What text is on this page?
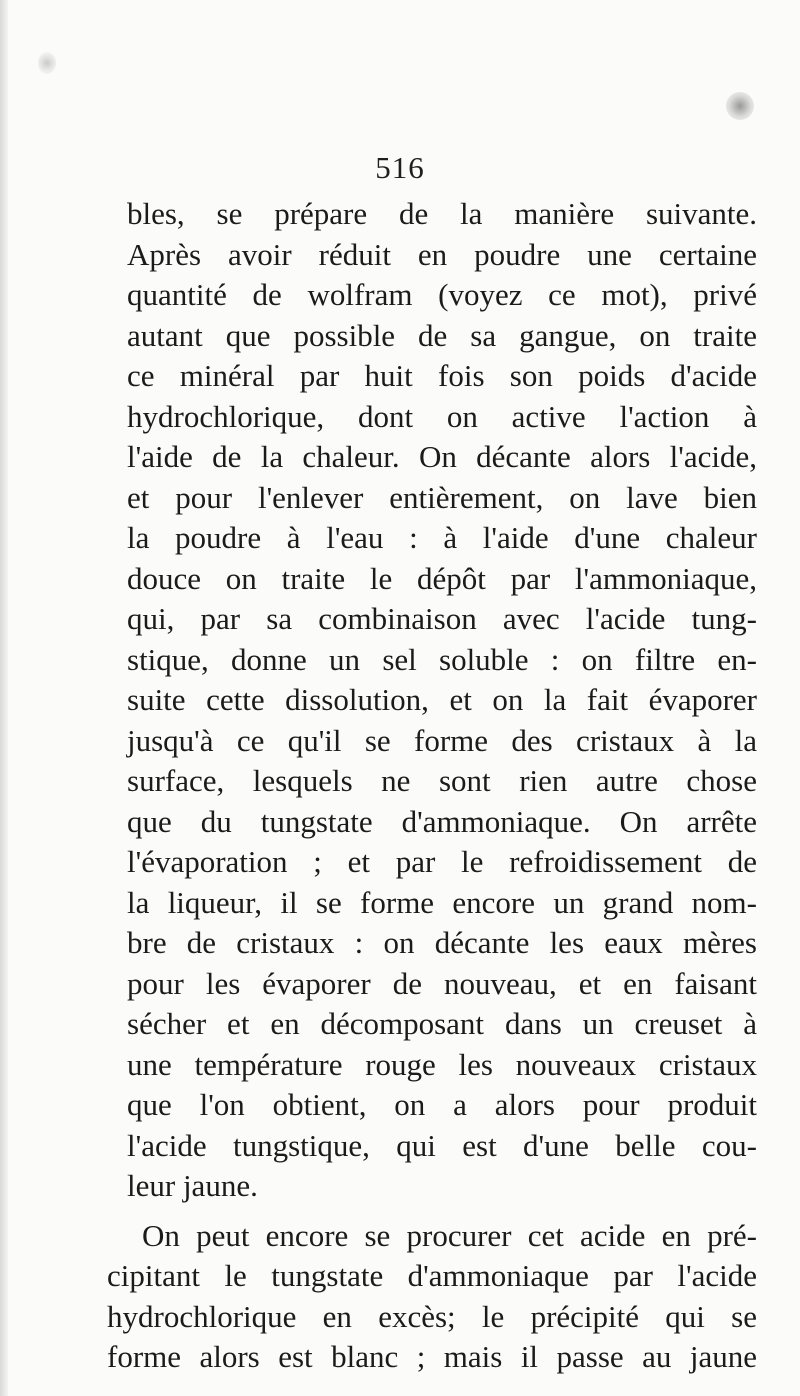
516
bles, se prépare de la manière suivante.
Après avoir réduit en poudre une certaine
quantité de wolfram (voyez ce mot), privé
autant que possible de sa gangue, on traite
ce minéral par huit fois son poids d'acide
hydrochlorique, dont on active l'action à
l'aide de la chaleur. On décante alors l'acide,
et pour l'enlever entièrement, on lave bien
la poudre à l'eau : à l'aide d'une chaleur
douce on traite le dépôt par l'ammoniaque,
qui, par sa combinaison avec l'acide tung-
stique, donne un sel soluble : on filtre en-
suite cette dissolution, et on la fait évaporer
jusqu'à ce qu'il se forme des cristaux à la
surface, lesquels ne sont rien autre chose
que du tungstate d'ammoniaque. On arrête
l'évaporation ; et par le refroidissement de
la liqueur, il se forme encore un grand nom-
bre de cristaux : on décante les eaux mères
pour les évaporer de nouveau, et en faisant
sécher et en décomposant dans un creuset à
une température rouge les nouveaux cristaux
que l'on obtient, on a alors pour produit
l'acide tungstique, qui est d'une belle cou-
leur jaune.
On peut encore se procurer cet acide en pré-
cipitant le tungstate d'ammoniaque par l'acide
hydrochlorique en excès; le précipité qui se
forme alors est blanc ; mais il passe au jaune
